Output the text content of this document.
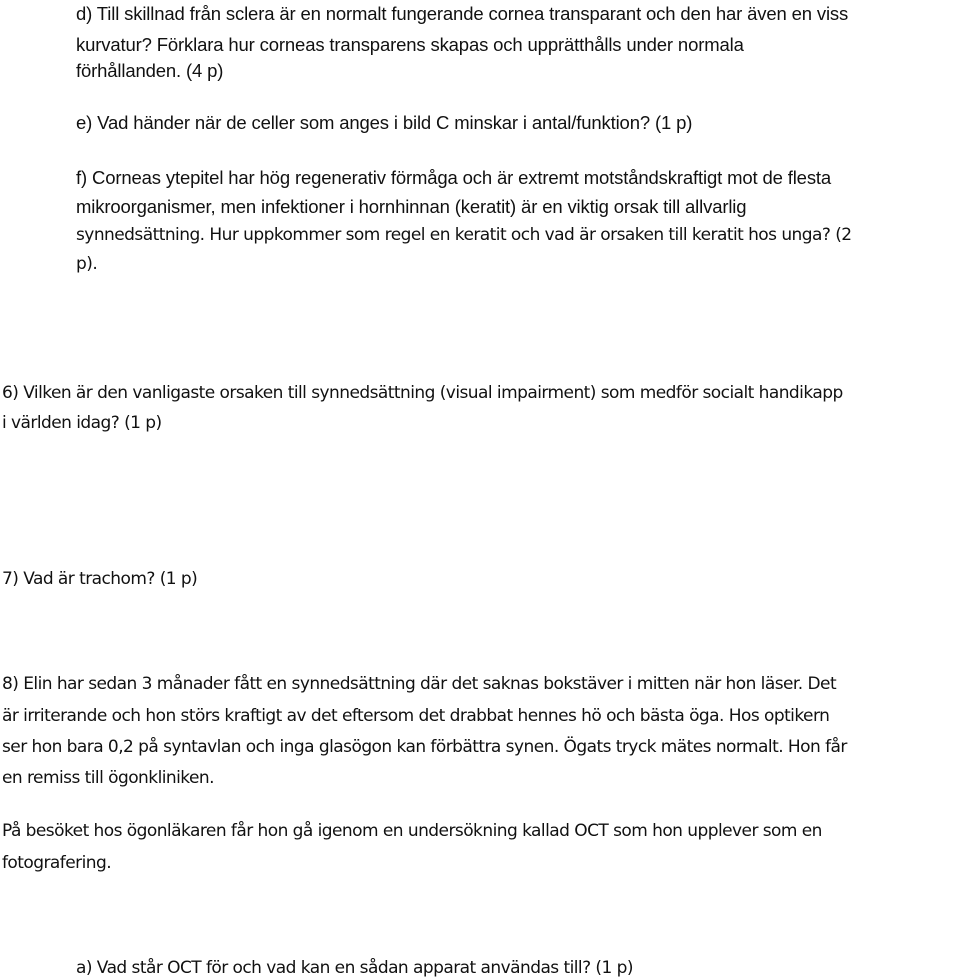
d) Till skillnad från sclera är en normalt fungerande cornea transparant och den har även en viss
kurvatur? Förklara hur corneas transparens skapas och upprätthålls under normala
förhållanden. (4 p)
e) Vad händer när de celler som anges i bild C minskar i antal/funktion? (1 p)
f) Corneas ytepitel har hög regenerativ förmåga och är extremt motståndskraftigt mot de flesta
mikroorganismer, men infektioner i hornhinnan (keratit) är en viktig orsak till allvarlig
synnedsättning. Hur uppkommer som regel en keratit och vad är orsaken till keratit hos unga? (2
p).
6) Vilken är den vanligaste orsaken till synnedsättning (visual impairment) som medför socialt handikapp
i världen idag? (1 p)
7) Vad är trachom? (1 p)
8) Elin har sedan 3 månader fått en synnedsättning där det saknas bokstäver i mitten när hon läser. Det
är irriterande och hon störs kraftigt av det eftersom det drabbat hennes hö och bästa öga. Hos optikern
ser hon bara 0,2 på syntavlan och inga glasögon kan förbättra synen. Ögats tryck mätes normalt. Hon får
en remiss till ögonkliniken.
På besöket hos ögonläkaren får hon gå igenom en undersökning kallad OCT som hon upplever som en
fotografering.
a) Vad står OCT för och vad kan en sådan apparat användas till? (1 p)
